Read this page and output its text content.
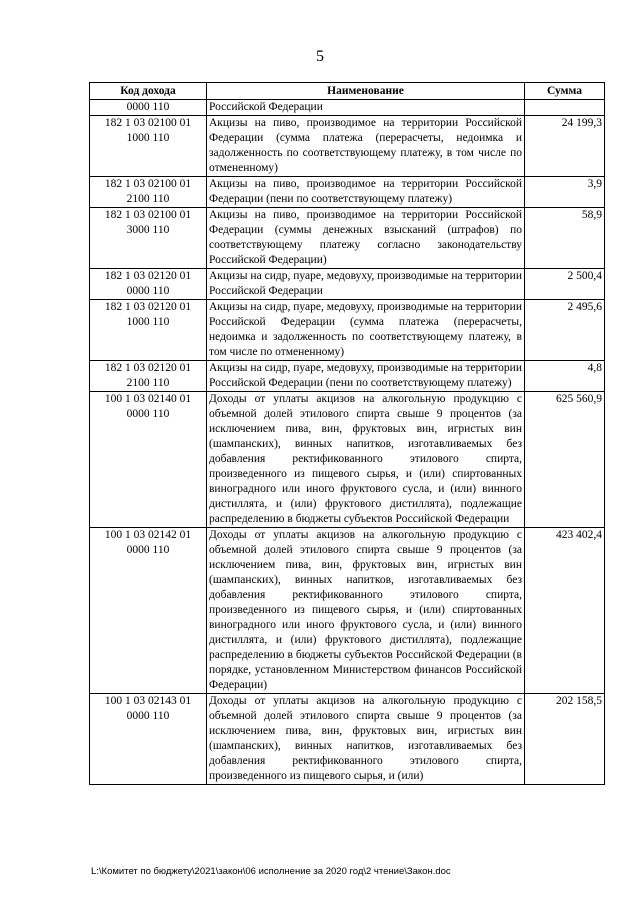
5
Код дохода	Наименование	Сумма
0000 110	Российской Федерации	
182 1 03 02100 01 1000 110	Акцизы на пиво, производимое на территории Российской Федерации (сумма платежа (перерасчеты, недоимка и задолженность по соответствующему платежу, в том числе по отмененному)	24 199,3
182 1 03 02100 01 2100 110	Акцизы на пиво, производимое на территории Российской Федерации (пени по соответствующему платежу)	3,9
182 1 03 02100 01 3000 110	Акцизы на пиво, производимое на территории Российской Федерации (суммы денежных взысканий (штрафов) по соответствующему платежу согласно законодательству Российской Федерации)	58,9
182 1 03 02120 01 0000 110	Акцизы на сидр, пуаре, медовуху, производимые на территории Российской Федерации	2 500,4
182 1 03 02120 01 1000 110	Акцизы на сидр, пуаре, медовуху, производимые на территории Российской Федерации (сумма платежа (перерасчеты, недоимка и задолженность по соответствующему платежу, в том числе по отмененному)	2 495,6
182 1 03 02120 01 2100 110	Акцизы на сидр, пуаре, медовуху, производимые на территории Российской Федерации (пени по соответствующему платежу)	4,8
100 1 03 02140 01 0000 110	Доходы от уплаты акцизов на алкогольную продукцию с объемной долей этилового спирта свыше 9 процентов (за исключением пива, вин, фруктовых вин, игристых вин (шампанских), винных напитков, изготавливаемых без добавления ректификованного этилового спирта, произведенного из пищевого сырья, и (или) спиртованных виноградного или иного фруктового сусла, и (или) винного дистиллята, и (или) фруктового дистиллята), подлежащие распределению в бюджеты субъектов Российской Федерации	625 560,9
100 1 03 02142 01 0000 110	Доходы от уплаты акцизов на алкогольную продукцию с объемной долей этилового спирта свыше 9 процентов (за исключением пива, вин, фруктовых вин, игристых вин (шампанских), винных напитков, изготавливаемых без добавления ректификованного этилового спирта, произведенного из пищевого сырья, и (или) спиртованных виноградного или иного фруктового сусла, и (или) винного дистиллята, и (или) фруктового дистиллята), подлежащие распределению в бюджеты субъектов Российской Федерации (в порядке, установленном Министерством финансов Российской Федерации)	423 402,4
100 1 03 02143 01 0000 110	Доходы от уплаты акцизов на алкогольную продукцию с объемной долей этилового спирта свыше 9 процентов (за исключением пива, вин, фруктовых вин, игристых вин (шампанских), винных напитков, изготавливаемых без добавления ректификованного этилового спирта, произведенного из пищевого сырья, и (или)	202 158,5
L:\Комитет по бюджету\2021\закон\06 исполнение за 2020 год\2 чтение\Закон.doc
